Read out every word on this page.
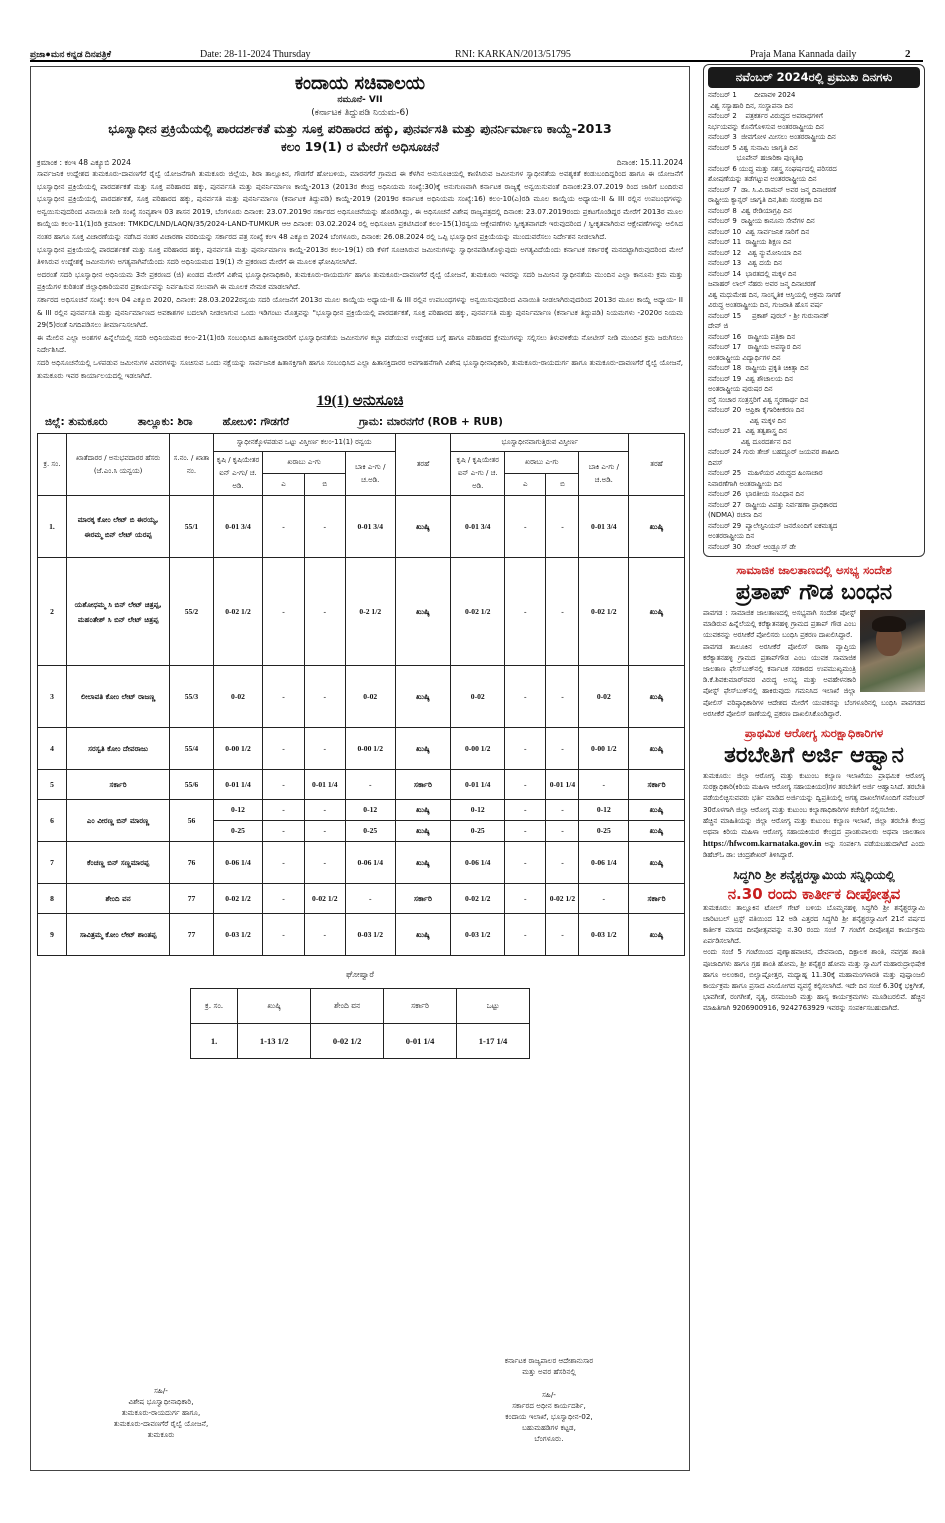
ಪ್ರಜಾ●ಮನ ಕನ್ನಡ ದಿನಪತ್ರಿಕೆ	Date: 28-11-2024 Thursday	RNI: KARKAN/2013/51795	Praja Mana Kannada daily	2
ಕಂದಾಯ ಸಚಿವಾಲಯ
ನಮೂನೆ- VII
(ಕರ್ನಾಟಕ ತಿದ್ದುಪಡಿ ನಿಯಮ-6)
ಭೂಸ್ವಾಧೀನ ಪ್ರಕ್ರಿಯೆಯಲ್ಲಿ ಪಾರದರ್ಶಕತೆ ಮತ್ತು ಸೂಕ್ತ ಪರಿಹಾರದ ಹಕ್ಕು, ಪುನರ್ವಸತಿ ಮತ್ತು ಪುನರ್ನಿರ್ಮಾಣ ಕಾಯ್ದೆ-2013
ಕಲಂ 19(1) ರ ಮೇರೆಗೆ ಅಧಿಸೂಚನೆ
ಕ್ರಮಾಂಕ : ಕಂಇ 48 ಎಕ್ಯೂಬಿ 2024	ದಿನಾಂಕ: 15.11.2024

ಸಾರ್ವಜನಿಕ ಉದ್ದೇಶದ ತುಮಕೂರು-ದಾವಣಗೆರೆ ರೈಲ್ವೆ ಯೋಜನೆಗಾಗಿ ತುಮಕೂರು ಜಿಲ್ಲೆಯ, ಶಿರಾ ತಾಲ್ಲೂಕಿನ, ಗೌಡಗೆರೆ ಹೋಬಳಿಯ, ಮಾರನಗೆರೆ ಗ್ರಾಮದ ಈ ಕೆಳಗಿನ ಅನುಸೂಚಿಯಲ್ಲಿ ಕಾಣಿಸಿರುವ ಜಮೀನುಗಳ ಸ್ವಾಧೀನತೆಯ ಅವಶ್ಯಕತೆ ಕಂಡುಬಂದಿದ್ದರಿಂದ ಹಾಗೂ ಈ ಯೋಜನೆಗೆ ಭೂಸ್ವಾಧೀನ ಪ್ರಕ್ರಿಯೆಯಲ್ಲಿ ಪಾರದರ್ಶಕತೆ ಮತ್ತು ಸೂಕ್ತ ಪರಿಹಾರದ ಹಕ್ಕು, ಪುನರ್ವಸತಿ ಮತ್ತು ಪುನರ್ನಿರ್ಮಾಣ ಕಾಯ್ದೆ-2013 (2013ರ ಕೇಂದ್ರ ಅಧಿನಿಯಮ ಸಂಖ್ಯೆ:30)ಕ್ಕೆ ಅನುಗುಣವಾಗಿ ಕರ್ನಾಟಕ ರಾಜ್ಯಕ್ಕೆ ಅನ್ವಯಿಸುವಂತೆ ದಿನಾಂಕ:23.07.2019 ರಿಂದ ಜಾರಿಗೆ ಬಂದಿರುವ ಭೂಸ್ವಾಧೀನ ಪ್ರಕ್ರಿಯೆಯಲ್ಲಿ ಪಾರದರ್ಶಕತೆ, ಸೂಕ್ತ ಪರಿಹಾರದ ಹಕ್ಕು, ಪುನರ್ವಸತಿ ಮತ್ತು ಪುನರ್ನಿರ್ಮಾಣ (ಕರ್ನಾಟಕ ತಿದ್ದುಪಡಿ) ಕಾಯ್ದೆ-2019 (2019ರ ಕರ್ನಾಟಕ ಅಧಿನಿಯಮ ಸಂಖ್ಯೆ:16) ಕಲಂ-10(ಎ)ರಡಿ ಮೂಲ ಕಾಯ್ದೆಯ ಅಧ್ಯಾಯ-II & III ರಲ್ಲಿನ ಉಪಬಂಧಗಳನ್ನು ಅನ್ವಯಿಸುವುದರಿಂದ ವಿನಾಯಿತಿ ನೀಡಿ ಸಂಖ್ಯೆ ಸಂವ್ಯಶಾಇ 03 ಶಾಸನ 2019, ಬೆಂಗಳೂರು ದಿನಾಂಕ: 23.07.2019ರ ಸರ್ಕಾರದ ಅಧಿಸೂಚನೆಯನ್ನು ಹೊರಡಿಸಿದ್ದು, ಈ ಅಧಿಸೂಚನೆ ವಿಶೇಷ ರಾಜ್ಯಪತ್ರದಲ್ಲಿ ದಿನಾಂಕ: 23.07.2019ರಂದು ಪ್ರಕಟಗೊಂಡಿದ್ದರ ಮೇರೆಗೆ 2013ರ ಮೂಲ ಕಾಯ್ದೆಯ ಕಲಂ-11(1)ರಡಿ ಕ್ರಮಾಂಕ: TMKDC/LND/LAQN/35/2024-LAND-TUMKUR ಆಆ ದಿನಾಂಕ: 03.02.2024 ರಲ್ಲಿ ಅಧಿಸೂಚಿಸಿ ಪ್ರಕಟಿಸಿದಂತೆ ಕಲಂ-15(1)ರನ್ವಯ ಆಕ್ಷೇಪಣೆಗಳು ಸ್ವೀಕೃತವಾಗದೇ ಇರುವುದರಿಂದ / ಸ್ವೀಕೃತವಾಗಿರುವ ಆಕ್ಷೇಪಣೆಗಳನ್ನು ಆಲಿಸಿದ ನಂತರ ಹಾಗೂ ಸೂಕ್ತ ವಿಚಾರಣೆಯನ್ನು ನಡೆಸಿದ ನಂತರ ವಿಚಾರಣಾ ವರದಿಯನ್ನು ಸರ್ಕಾರದ ಪತ್ರ ಸಂಖ್ಯೆ ಕಂಇ 48 ಎಕ್ಯೂಬಿ 2024 ಬೆಂಗಳೂರು, ದಿನಾಂಕ: 26.08.2024 ರಲ್ಲಿ ಒಪ್ಪಿ ಭೂಸ್ವಾಧೀನ ಪ್ರಕ್ರಿಯೆಯನ್ನು ಮುಂದುವರೆಸಲು ನಿರ್ದೇಶನ ನೀಡಲಾಗಿದೆ.

ಭೂಸ್ವಾಧೀನ ಪ್ರಕ್ರಿಯೆಯಲ್ಲಿ ಪಾರದರ್ಶಕತೆ ಮತ್ತು ಸೂಕ್ತ ಪರಿಹಾರದ ಹಕ್ಕು, ಪುನರ್ವಸತಿ ಮತ್ತು ಪುನರ್ನಿರ್ಮಾಣ ಕಾಯ್ದೆ-2013ರ ಕಲಂ-19(1) ರಡಿ ಕೆಳಗೆ ಸೂಚಿಸಿರುವ ಜಮೀನುಗಳನ್ನು ಸ್ವಾಧೀನಪಡಿಸಿಕೊಳ್ಳುವುದು ಅಗತ್ಯವಿದೆಯೆಂದು ಕರ್ನಾಟಕ ಸರ್ಕಾರಕ್ಕೆ ಮನದಟ್ಟಾಗಿರುವುದರಿಂದ ಮೇಲೆ ತಿಳಿಸಿರುವ ಉದ್ದೇಶಕ್ಕೆ ಜಮೀನುಗಳು ಅಗತ್ಯವಾಗಿವೆಯೆಂದು ಸದರಿ ಅಧಿನಿಯಮದ 19(1) ನೇ ಪ್ರಕರಣದ ಮೇರೆಗೆ ಈ ಮೂಲಕ ಘೋಷಿಸಲಾಗಿದೆ.

ಅದರಂತೆ ಸದರಿ ಭೂಸ್ವಾಧೀನ ಅಧಿನಿಯಮ 3ನೇ ಪ್ರಕರಣದ (ಜಿ) ಖಂಡದ ಮೇರೆಗೆ ವಿಶೇಷ ಭೂಸ್ವಾಧೀನಾಧಿಕಾರಿ, ತುಮಕೂರು-ರಾಯದುರ್ಗ ಹಾಗೂ ತುಮಕೂರು-ದಾವಣಗೆರೆ ರೈಲ್ವೆ ಯೋಜನೆ, ತುಮಕೂರು ಇವರನ್ನು ಸದರಿ ಜಮೀನಿನ ಸ್ವಾಧೀನತೆಯ ಮುಂದಿನ ಎಲ್ಲಾ ಕಾನೂನು ಕ್ರಮ ಮತ್ತು ಪ್ರಕ್ರಿಯೆಗಳ ಕುರಿತಂತೆ ಜಿಲ್ಲಾಧಿಕಾರಿಯವರ ಪ್ರಕಾರ್ಯವನ್ನು ನಿರ್ವಹಿಸುವ ಸಲುವಾಗಿ ಈ ಮೂಲಕ ನೇಮಕ ಮಾಡಲಾಗಿದೆ.

ಸರ್ಕಾರದ ಅಧಿಸೂಚನೆ ಸಂಖ್ಯೆ: ಕಂಇ 04 ಎಕ್ಯೂಬಿ 2020, ದಿನಾಂಕ: 28.03.2022ರನ್ವಯ ಸದರಿ ಯೋಜನೆಗೆ 2013ರ ಮೂಲ ಕಾಯ್ದೆಯ ಅಧ್ಯಾಯ-II & III ರಲ್ಲಿನ ಉಪಬಂಧಗಳನ್ನು ಅನ್ವಯಿಸುವುದರಿಂದ ವಿನಾಯಿತಿ ನೀಡಲಾಗಿರುವುದರಿಂದ 2013ರ ಮೂಲ ಕಾಯ್ದೆ ಅಧ್ಯಾಯ- II & III ರಲ್ಲಿನ ಪುನರ್ವಸತಿ ಮತ್ತು ಪುನರ್ನಿರ್ಮಾಣದ ಅವಕಾಶಗಳ ಬದಲಾಗಿ ನೀಡಲಾಗುವ ಒಂದು ಇಡಿಗಂಟು ಮೊತ್ತವನ್ನು "ಭೂಸ್ವಾಧೀನ ಪ್ರಕ್ರಿಯೆಯಲ್ಲಿ ಪಾರದರ್ಶಕತೆ, ಸೂಕ್ತ ಪರಿಹಾರದ ಹಕ್ಕು, ಪುನರ್ವಸತಿ ಮತ್ತು ಪುನರ್ನಿರ್ಮಾಣ (ಕರ್ನಾಟಕ ತಿದ್ದುಪಡಿ) ನಿಯಮಗಳು -2020ರ ನಿಯಮ 29(5)ರಂತೆ ನಿಗದಿಪಡಿಸಲು ತೀರ್ಮಾನಿಸಲಾಗಿದೆ.

ಈ ಮೇಲಿನ ಎಲ್ಲಾ ಅಂಶಗಳ ಹಿನ್ನೆಲೆಯಲ್ಲಿ ಸದರಿ ಅಧಿನಿಯಮದ ಕಲಂ-21(1)ರಡಿ ಸಂಬಂಧಿಸಿದ ಹಿತಾಸಕ್ತಿದಾರರಿಗೆ ಭೂಸ್ವಾಧೀನತೆಯ ಜಮೀನುಗಳ ಕಬ್ಜಾ ಪಡೆಯುವ ಉದ್ದೇಶದ ಬಗ್ಗೆ ಹಾಗೂ ಪರಿಹಾರದ ಕ್ಲೇಮುಗಳನ್ನು ಸಲ್ಲಿಸಲು ತಿಳುವಳಿಕೆಯ ನೋಟೀಸ್ ನೀಡಿ ಮುಂದಿನ ಕ್ರಮ ಜರುಗಿಸಲು ನಿರ್ದೇಶಿಸಿದೆ.

ಸದರಿ ಅಧಿಸೂಚನೆಯಲ್ಲಿ ಒಳಪಡುವ ಜಮೀನುಗಳ ವಿವರಗಳನ್ನು ಸೂಚಿಸುವ ಒಂದು ನಕ್ಷೆಯನ್ನು ಸಾರ್ವಜನಿಕ ಹಿತಾಸಕ್ತಿಗಾಗಿ ಹಾಗೂ ಸಂಬಂಧಿಸಿದ ಎಲ್ಲಾ ಹಿತಾಸಕ್ತಿದಾರರ ಅವಗಾಹನೆಗಾಗಿ ವಿಶೇಷ ಭೂಸ್ವಾಧೀನಾಧಿಕಾರಿ, ತುಮಕೂರು-ರಾಯದುರ್ಗ ಹಾಗೂ ತುಮಕೂರು-ದಾವಣಗೆರೆ ರೈಲ್ವೆ ಯೋಜನೆ, ತುಮಕೂರು ಇವರ ಕಾರ್ಯಾಲಯದಲ್ಲಿ ಇಡಲಾಗಿದೆ.

19(1) ಅನುಸೂಚಿ
ಜಿಲ್ಲೆ: ತುಮಕೂರು	ತಾಲ್ಲೂಕು: ಶಿರಾ	ಹೋಬಳಿ: ಗೌಡಗೆರೆ	ಗ್ರಾಮ: ಮಾರನಗೆರೆ (ROB + RUB)
ಕ್ರ. ಸಂ.	ಖಾತೆದಾರರ / ಅನುಭವದಾರರ ಹೆಸರು (ಜೆ.ಎಂ.ಸಿ ಯನ್ವಯ)	ಸ.ನಂ. / ಖಾತಾ ನಂ.	ಸ್ವಾಧೀನಕ್ಕೊಳಪಡುವ ಒಟ್ಟು ವಿಸ್ತೀರ್ಣ ಕಲಂ-11(1) ರನ್ವಯ				ತರಹೆ	ಭೂಸ್ವಾಧೀನವಾಗುತ್ತಿರುವ ವಿಸ್ತೀರ್ಣ				ತರಹೆ
			ಕೃಷಿ / ಕೃಷಿಯೇತರ ಐನ್ ಎ-ಗು/ ಚ. ಅಡಿ.	ಖರಾಬು ಎ-ಗು		ಬಾಕಿ ಎ-ಗು / ಚ.ಅಡಿ.		ಕೃಷಿ / ಕೃಷಿಯೇತರ ಐನ್ ಎ-ಗು / ಚ. ಅಡಿ.	ಖರಾಬು ಎ-ಗು		ಬಾಕಿ ಎ-ಗು / ಚ.ಅಡಿ.	
				ಎ	ಬಿ				ಎ	ಬಿ		
1.	ಮಾರಕ್ಕ ಕೋಂ ಲೇಟ್ ಬಿ ಈರಯ್ಯ, ಈರಮ್ಮ ಬಿನ್ ಲೇಟ್ ಯರಪ್ಪ	55/1	0-01 3/4	-	-	0-01 3/4	ಖುಷ್ಕಿ	0-01 3/4	-	-	0-01 3/4	ಖುಷ್ಕಿ
2	ಯಶೋಧಮ್ಮ ಸಿ ಬಿನ್ ಲೇಟ್ ಚಿತ್ರಪ್ಪ, ಮಹಂತೇಶ್ ಸಿ ಬಿನ್ ಲೇಟ್ ಚಿತ್ರಪ್ಪ	55/2	0-02 1/2	-	-	0-2 1/2	ಖುಷ್ಕಿ	0-02 1/2	-	-	0-02 1/2	ಖುಷ್ಕಿ
3	ಲೀಲಾವತಿ ಕೋಂ ಲೇಟ್ ರಾಜಣ್ಣ	55/3	0-02	-	-	0-02	ಖುಷ್ಕಿ	0-02	-	-	0-02	ಖುಷ್ಕಿ
4	ಸರಸ್ವತಿ ಕೋಂ ದೇವರಾಜು	55/4	0-00 1/2	-	-	0-00 1/2	ಖುಷ್ಕಿ	0-00 1/2	-	-	0-00 1/2	ಖುಷ್ಕಿ
5	ಸರ್ಕಾರಿ	55/6	0-01 1/4	-	0-01 1/4	-	ಸರ್ಕಾರಿ	0-01 1/4	-	0-01 1/4	-	ಸರ್ಕಾರಿ
6	ಎಂ ವೀರಣ್ಣ ಬಿನ್ ಮಾರಣ್ಣ	56	0-12	-	-	0-12	ಖುಷ್ಕಿ	0-12	-	-	0-12	ಖುಷ್ಕಿ
			0-25	-	-	0-25	ಖುಷ್ಕಿ	0-25	-	-	0-25	ಖುಷ್ಕಿ
7	ಕೆಂಚಣ್ಣ ಬಿನ್ ಸಣ್ಣಮಾರಪ್ಪ	76	0-06 1/4	-	-	0-06 1/4	ಖುಷ್ಕಿ	0-06 1/4	-	-	0-06 1/4	ಖುಷ್ಕಿ
8	ಶೇಂದಿ ವನ	77	0-02 1/2	-	0-02 1/2	-	ಸರ್ಕಾರಿ	0-02 1/2	-	0-02 1/2	-	ಸರ್ಕಾರಿ
9	ಸಾವಿತ್ರಮ್ಮ ಕೋಂ ಲೇಟ್ ಶಾಂತಪ್ಪ	77	0-03 1/2	-	-	0-03 1/2	ಖುಷ್ಕಿ	0-03 1/2	-	-	0-03 1/2	ಖುಷ್ಕಿ
ಘೋಷ್ವಾರೆ
ಕ್ರ. ಸಂ.	ಖುಷ್ಕಿ	ಶೇಂದಿ ವನ	ಸರ್ಕಾರಿ	ಒಟ್ಟು
1.	1-13 1/2	0-02 1/2	0-01 1/4	1-17 1/4
ಕರ್ನಾಟಕ ರಾಜ್ಯಪಾಲರ ಆದೇಶಾನುಸಾರ
ಮತ್ತು ಅವರ ಹೆಸರಿನಲ್ಲಿ
ಸಹಿ/-
ವಿಶೇಷ ಭೂಸ್ವಾಧೀನಾಧಿಕಾರಿ,
ತುಮಕೂರು-ರಾಯದುರ್ಗ ಹಾಗೂ,
ತುಮಕೂರು-ದಾವಣಗೆರೆ ರೈಲ್ವೆ ಯೋಜನೆ,
ತುಮಕೂರು
ಸಹಿ/-
ಸರ್ಕಾರದ ಅಧೀನ ಕಾರ್ಯದರ್ಶಿ,
ಕಂದಾಯ ಇಲಾಖೆ, ಭೂಸ್ವಾಧೀನ-02,
ಬಹುಮಹಡಿಗಳ ಕಟ್ಟಡ,
ಬೆಂಗಳೂರು.
ನವೆಂಬರ್ 2024ರಲ್ಲಿ ಪ್ರಮುಖ ದಿನಗಳು
ನವೆಂಬರ್ 1        ದೀಪಾವಳಿ 2024
ವಿಶ್ವ ಸಸ್ಯಾಹಾರಿ ದಿನ, ಸಂಸ್ಥಾಪನಾ ದಿನ
ನವೆಂಬರ್ 2    ಪತ್ರಕರ್ತರ ವಿರುದ್ಧದ ಅಪರಾಧಗಳಿಗೆ
ನಿರ್ಭಯವನ್ನು ಕೊನೆಗೊಳಿಸುವ ಅಂತರರಾಷ್ಟ್ರೀಯ ದಿನ
ನವೆಂಬರ್ 3  ಜೀವಗೋಳ ಮೀಸಲು ಅಂತರರಾಷ್ಟ್ರೀಯ ದಿನ
ನವೆಂಬರ್ 5 ವಿಶ್ವ ಸುನಾಮಿ ಜಾಗೃತಿ ದಿನ
ಭೂಪೇನ್ ಹಜಾರಿಕಾ ಪುಣ್ಯತಿಥಿ
ನವೆಂಬರ್ 6 ಯುದ್ಧ ಮತ್ತು ಸಶಸ್ತ್ರ ಸಂಘರ್ಷದಲ್ಲಿ ಪರಿಸರದ
ಶೋಷಣೆಯನ್ನು ತಡೆಗಟ್ಟುವ ಅಂತರರಾಷ್ಟ್ರೀಯ ದಿನ
ನವೆಂಬರ್ 7  ಡಾ. ಸಿ.ವಿ.ರಾಮನ್ ಅವರ ಜನ್ಮ ದಿನಾಚರಣೆ
ರಾಷ್ಟ್ರೀಯ ಕ್ಯಾನ್ಸರ್ ಜಾಗೃತಿ ದಿನ,ಶಿಶು ಸಂರಕ್ಷಣಾ ದಿನ
ನವೆಂಬರ್ 8  ವಿಶ್ವ ರೇಡಿಯಾಗ್ರಫಿ ದಿನ
ನವೆಂಬರ್ 9  ರಾಷ್ಟ್ರೀಯ ಕಾನೂನು ಸೇವೆಗಳ ದಿನ
ನವೆಂಬರ್ 10  ವಿಶ್ವ ಸಾರ್ವಜನಿಕ ಸಾರಿಗೆ ದಿನ
ನವೆಂಬರ್ 11  ರಾಷ್ಟ್ರೀಯ ಶಿಕ್ಷಣ ದಿನ
ನವೆಂಬರ್ 12   ವಿಶ್ವ ನ್ಯುಮೋನಿಯಾ ದಿನ
ನವೆಂಬರ್ 13   ವಿಶ್ವ ದಯೆ ದಿನ
ನವೆಂಬರ್ 14  ಭಾರತದಲ್ಲಿ ಮಕ್ಕಳ ದಿನ
ಜವಾಹರ್ ಲಾಲ್ ನೆಹರು ಅವರ ಜನ್ಮ ದಿನಾಚರಣೆ
ವಿಶ್ವ ಮಧುಮೇಹ ದಿನ, ಸಾಂಸ್ಕೃತಿಕ ಆಸ್ತಿಯಲ್ಲಿ ಅಕ್ರಮ ಸಾಗಣೆ
ವಿರುದ್ಧ ಅಂತರಾಷ್ಟ್ರೀಯ ದಿನ, ಗುಜರಾತಿ ಹೊಸ ವರ್ಷ
ನವೆಂಬರ್ 15     ಪ್ರಕಾಶ್ ಪುರಬ್ - ಶ್ರೀ ಗುರುನಾನಕ್
ದೇವ್ ಜಿ
ನವೆಂಬರ್ 16   ರಾಷ್ಟ್ರೀಯ ಪತ್ರಿಕಾ ದಿನ
ನವೆಂಬರ್ 17   ರಾಷ್ಟ್ರೀಯ ಅಪಸ್ಮಾರ ದಿನ
ಅಂತರಾಷ್ಟ್ರೀಯ ವಿದ್ಯಾರ್ಥಿಗಳ ದಿನ
ನವೆಂಬರ್ 18  ರಾಷ್ಟ್ರೀಯ ಪ್ರಕೃತಿ ಚಿಕಿತ್ಸಾ ದಿನ
ನವೆಂಬರ್ 19  ವಿಶ್ವ ಶೌಚಾಲಯ ದಿನ
ಅಂತರಾಷ್ಟ್ರೀಯ ಪುರುಷರ ದಿನ
ರಸ್ತೆ ಸಂಚಾರ ಸಂತ್ರಸ್ತರಿಗೆ ವಿಶ್ವ ಸ್ಮರಣಾರ್ಥ ದಿನ
ನವೆಂಬರ್ 20  ಆಫ್ರಿಕಾ ಕೈಗಾರಿಕೀಕರಣ ದಿನ
ವಿಶ್ವ ಮಕ್ಕಳ ದಿನ
ನವೆಂಬರ್ 21  ವಿಶ್ವ ತತ್ವಶಾಸ್ತ್ರ ದಿನ
ವಿಶ್ವ ದೂರದರ್ಶನ ದಿನ
ನವೆಂಬರ್ 24 ಗುರು ತೇಜ್ ಬಹದ್ದೂರ್ ಜಯವರ ಶಾಹೀದಿ
ದಿವಸ್
ನವೆಂಬರ್ 25   ಮಹಿಳೆಯರ ವಿರುದ್ಧದ ಹಿಂಸಾಚಾರ
ನಿವಾರಣೆಗಾಗಿ ಅಂತರಾಷ್ಟ್ರೀಯ ದಿನ
ನವೆಂಬರ್ 26  ಭಾರತೀಯ ಸಂವಿಧಾನ ದಿನ
ನವೆಂಬರ್ 27  ರಾಷ್ಟ್ರೀಯ ವಿಪತ್ತು ನಿರ್ವಹಣಾ ಪ್ರಾಧಿಕಾರದ
(NDMA) ರಚನಾ ದಿನ
ನವೆಂಬರ್ 29  ಪ್ಯಾಲೇಸ್ಟಿನಿಯನ್ ಜನರೊಂದಿಗೆ ಐಕಮತ್ಯದ
ಅಂತರರಾಷ್ಟ್ರೀಯ ದಿನ
ನವೆಂಬರ್ 30  ಸೇಂಟ್ ಆಂಡ್ರ್ಯೂಸ್ ಡೇ
ಸಾಮಾಜಿಕ ಜಾಲತಾಣದಲ್ಲಿ ಅಸಭ್ಯ ಸಂದೇಶ
ಪ್ರತಾಪ್ ಗೌಡ ಬಂಧನ

ಪಾವಗಡ : ಸಾಮಾಜಿಕ ಜಾಲತಾಣದಲ್ಲಿ ಅಸಭ್ಯವಾಗಿ ಸಂದೇಶ ಪೋಸ್ಟ್ ಮಾಡಿರುವ ಹಿನ್ನೆಲೆಯಲ್ಲಿ ಕರೆಕ್ಯಾತನಹಳ್ಳಿ ಗ್ರಾಮದ ಪ್ರತಾಪ್ ಗೌಡ ಎಂಬ ಯುವಕನನ್ನು ಅರಸೀಕೆರೆ ಪೋಲಿಸರು ಬಂಧಿಸಿ ಪ್ರಕರಣ ದಾಖಲಿಸಿದ್ದಾರೆ.

ಪಾವಗಡ ತಾಲೂಕಿನ ಅರಸೀಕೆರೆ ಪೋಲಿಸ್ ಠಾಣಾ ವ್ಯಾಪ್ತಿಯ ಕರೆಕ್ಯಾತನಹಳ್ಳಿ ಗ್ರಾಮದ ಪ್ರತಾಪ್‌ಗೌಡ ಎಂಬ ಯುವಕ ಸಾಮಾಜಿಕ ಜಾಲತಾಣ ಫೇಸ್‌ಬುಕ್‌ನಲ್ಲಿ ಕರ್ನಾಟಕ ಸರಕಾರದ ಉಪಮುಖ್ಯಮಂತ್ರಿ ಡಿ.ಕೆ.ಶಿವಕುಮಾರ್‌ರವರ ವಿರುದ್ಧ ಅಸಭ್ಯ ಮತ್ತು ಅವಹೇಳನಕಾರಿ ಪೋಸ್ಟ್ ಫೇಸ್‌ಬುಕ್‌ನಲ್ಲಿ ಹಾಕಿರುವುದು ಗಮನಿಸಿದ ಇಲಾಖೆ ಜಿಲ್ಲಾ ಪೋಲಿಸ್ ವರಿಷ್ಠಾಧಿಕಾರಿಗಳ ಆದೇಶದ ಮೇರೆಗೆ ಯುವಕನನ್ನು ಬೆಂಗಳೂರಿನಲ್ಲಿ ಬಂಧಿಸಿ ಪಾವಗಡದ ಅರಸೀಕೆರೆ ಪೋಲಿಸ್ ಠಾಣೆಯಲ್ಲಿ ಪ್ರಕರಣ ದಾಖಲಿಸಿಕೊಂಡಿದ್ದಾರೆ.

ಪ್ರಾಥಮಿಕ ಆರೋಗ್ಯ ಸುರಕ್ಷಾಧಿಕಾರಿಗಳ
ತರಬೇತಿಗೆ ಅರ್ಜಿ ಆಹ್ವಾನ

ತುಮಕೂರು: ಜಿಲ್ಲಾ ಆರೋಗ್ಯ ಮತ್ತು ಕುಟುಂಬ ಕಲ್ಯಾಣ ಇಲಾಖೆಯು ಪ್ರಾಥಮಿಕ ಆರೋಗ್ಯ ಸುರಕ್ಷಾಧಿಕಾರಿ(ಕಿರಿಯ ಮಹಿಳಾ ಆರೋಗ್ಯ ಸಹಾಯಕಿಯರ)ಗಳ ತರಬೇತಿಗೆ ಅರ್ಜಿ ಆಹ್ವಾನಿಸಿದೆ. ತರಬೇತಿ ಪಡೆಯಲಿಚ್ಛಿಸುವವರು ಭರ್ತಿ ಮಾಡಿದ ಅರ್ಜಿಯನ್ನು ದ್ವಿಪ್ರತಿಯಲ್ಲಿ ಅಗತ್ಯ ದಾಖಲೆಗಳೊಂದಿಗೆ ನವೆಂಬರ್ 30ರೊಳಗಾಗಿ ಜಿಲ್ಲಾ ಆರೋಗ್ಯ ಮತ್ತು ಕುಟುಂಬ ಕಲ್ಯಾಣಾಧಿಕಾರಿಗಳ ಕಚೇರಿಗೆ ಸಲ್ಲಿಸಬೇಕು.

ಹೆಚ್ಚಿನ ಮಾಹಿತಿಯನ್ನು ಜಿಲ್ಲಾ ಆರೋಗ್ಯ ಮತ್ತು ಕುಟುಂಬ ಕಲ್ಯಾಣ ಇಲಾಖೆ, ಜಿಲ್ಲಾ ತರಬೇತಿ ಕೇಂದ್ರ ಅಥವಾ ಕಿರಿಯ ಮಹಿಳಾ ಆರೋಗ್ಯ ಸಹಾಯಕಿಯರ ಕೇಂದ್ರದ ಪ್ರಾಂಶುಪಾಲರು ಅಥವಾ ಜಾಲತಾಣ https://hfwcom.karnataka.gov.in ಅನ್ನು ಸಂಪರ್ಕಿಸಿ ಪಡೆಯಬಹುದಾಗಿದೆ ಎಂದು ಡಿಹೆಚ್‌ಓ ಡಾ: ಚಂದ್ರಶೇಖರ್ ತಿಳಿಸಿದ್ದಾರೆ.

ಸಿದ್ಧಗಿರಿ ಶ್ರೀ ಶನೈಶ್ಚರಸ್ವಾಮಿಯ ಸನ್ನಿಧಿಯಲ್ಲಿ
ನ.30 ರಂದು ಕಾರ್ತೀಕ ದೀಪೋತ್ಸವ

ತುಮಕೂರು: ತಾಲ್ಲೂಕಿನ ಟೋಲ್ ಗೇಟ್ ಬಳಿಯ ಬೊಮ್ಮನಹಳ್ಳಿ ಸಿದ್ಧಗಿರಿ ಶ್ರೀ ಶನೈಶ್ಚರಸ್ವಾಮಿ ಚಾರಿಟಬಲ್ ಟ್ರಸ್ಟ್ ವತಿಯಿಂದ 12 ಅಡಿ ಎತ್ತರದ ಸಿದ್ಧಗಿರಿ ಶ್ರೀ ಶನೈಶ್ಚರಸ್ವಾಮಿಗೆ 21ನೆ ವರ್ಷದ ಕಾರ್ತೀಕ ಮಾಸದ ದೀಪೋತ್ಸವವನ್ನು ನ.30 ರಂದು ಸಂಜೆ 7 ಗಂಟೆಗೆ ದೀಪೋತ್ಸವ ಕಾರ್ಯಕ್ರಮ ಏರ್ಪಡಿಸಲಾಗಿದೆ.

ಅಂದು ಸಂಜೆ 5 ಗಂಟೆಯಿಂದ ಪುಣ್ಯಾಹವಾಚನ, ದೇವನಾಂದಿ, ದಿಕ್ಪಾಲಕ ಶಾಂತಿ, ನವಗ್ರಹ ಶಾಂತಿ ಪೂಜಾದಿಗಳು ಹಾಗೂ ಗ್ರಹ ಶಾಂತಿ ಹೋಮ, ಶ್ರೀ ಶನೈಶ್ಚರ ಹೋಮ ಮತ್ತು ಸ್ವಾಮಿಗೆ ಮಹಾರುದ್ರಾಭಿಷೇಕ ಹಾಗೂ ಅಲಂಕಾರ, ಬಿಲ್ವಾಷ್ಟೋತ್ತರ, ಮಧ್ಯಾಹ್ನ 11.30ಕ್ಕೆ ಮಹಾಮಂಗಳಾರತಿ ಮತ್ತು ಪುಷ್ಪಾಂಜಲಿ ಕಾರ್ಯಕ್ರಮ ಹಾಗೂ ಪ್ರಸಾದ ವಿನಿಯೋಗದ ವ್ಯವಸ್ಥೆ ಕಲ್ಪಿಸಲಾಗಿದೆ. ಇದೇ ದಿನ ಸಂಜೆ 6.30ಕ್ಕೆ ಭಕ್ತಿಗೀತೆ, ಭಾವಗೀತೆ, ರಂಗಗೀತೆ, ನೃತ್ಯ, ರಸಮಂಜರಿ ಮತ್ತು ಹಾಸ್ಯ ಕಾರ್ಯಕ್ರಮಗಳು ಮೂಡಿಬರಲಿವೆ. ಹೆಚ್ಚಿನ ಮಾಹಿತಿಗಾಗಿ 9206900916, 9242763929 ಇವರನ್ನು ಸಂಪರ್ಕಿಸಬಹುದಾಗಿದೆ.
